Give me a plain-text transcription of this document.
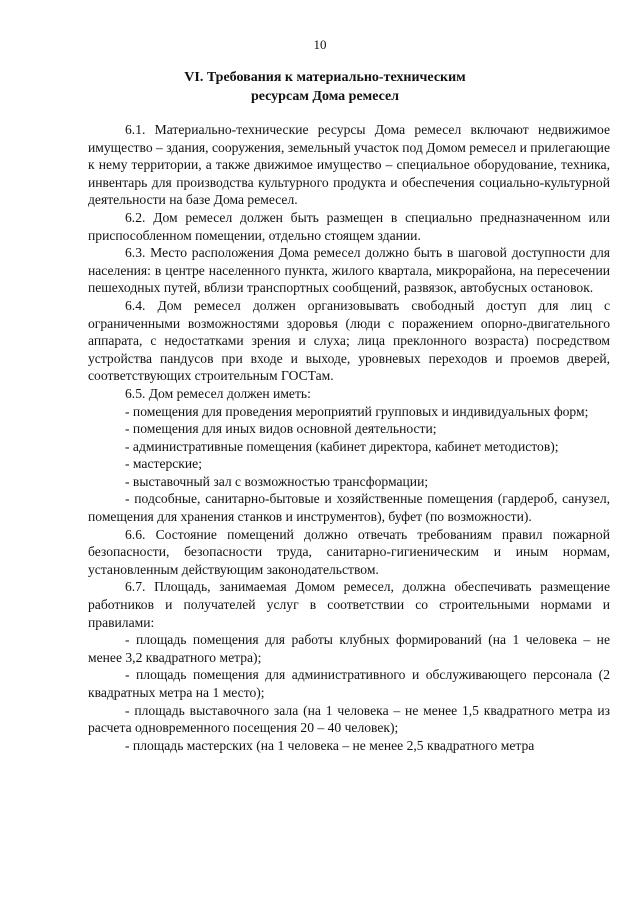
10
VI. Требования к материально-техническим
ресурсам Дома ремесел

6.1. Материально-технические ресурсы Дома ремесел включают недвижимое имущество – здания, сооружения, земельный участок под Домом ремесел и прилегающие к нему территории, а также движимое имущество – специальное оборудование, техника, инвентарь для производства культурного продукта и обеспечения социально-культурной деятельности на базе Дома ремесел.

6.2. Дом ремесел должен быть размещен в специально предназначенном или приспособленном помещении, отдельно стоящем здании.

6.3. Место расположения Дома ремесел должно быть в шаговой доступности для населения: в центре населенного пункта, жилого квартала, микрорайона, на пересечении пешеходных путей, вблизи транспортных сообщений, развязок, автобусных остановок.

6.4. Дом ремесел должен организовывать свободный доступ для лиц с ограниченными возможностями здоровья (люди с поражением опорно-двигательного аппарата, с недостатками зрения и слуха; лица преклонного возраста) посредством устройства пандусов при входе и выходе, уровневых переходов и проемов дверей, соответствующих строительным ГОСТам.

6.5. Дом ремесел должен иметь:

- помещения для проведения мероприятий групповых и индивидуальных форм;

- помещения для иных видов основной деятельности;

- административные помещения (кабинет директора, кабинет методистов);

- мастерские;

- выставочный зал с возможностью трансформации;

- подсобные, санитарно-бытовые и хозяйственные помещения (гардероб, санузел, помещения для хранения станков и инструментов), буфет (по возможности).

6.6. Состояние помещений должно отвечать требованиям правил пожарной безопасности, безопасности труда, санитарно-гигиеническим и иным нормам, установленным действующим законодательством.

6.7. Площадь, занимаемая Домом ремесел, должна обеспечивать размещение работников и получателей услуг в соответствии со строительными нормами и правилами:

- площадь помещения для работы клубных формирований (на 1 человека – не менее 3,2 квадратного метра);

- площадь помещения для административного и обслуживающего персонала (2 квадратных метра на 1 место);

- площадь выставочного зала (на 1 человека – не менее 1,5 квадратного метра из расчета одновременного посещения 20 – 40 человек);

- площадь мастерских (на 1 человека – не менее 2,5 квадратного метра
